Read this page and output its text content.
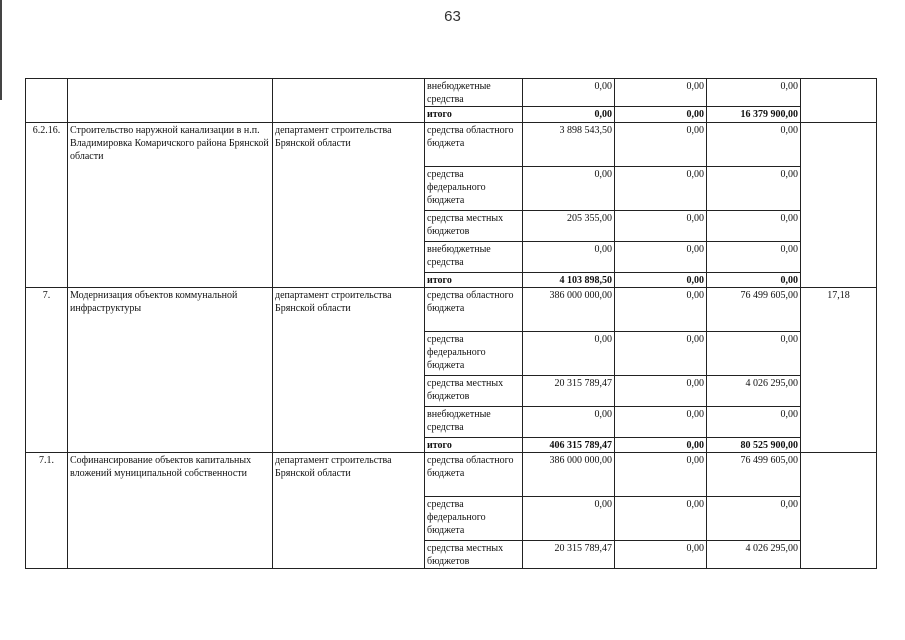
63
			внебюджетные средства	0,00	0,00	0,00	
			итого	0,00	0,00	16 379 900,00	
6.2.16.	Строительство наружной канализации в н.п. Владимировка Комаричского района Брянской области	департамент строительства Брянской области	средства областного бюджета	3 898 543,50	0,00	0,00	
			средства федерального бюджета	0,00	0,00	0,00	
			средства местных бюджетов	205 355,00	0,00	0,00	
			внебюджетные средства	0,00	0,00	0,00	
			итого	4 103 898,50	0,00	0,00	
7.	Модернизация объектов коммунальной инфраструктуры	департамент строительства Брянской области	средства областного бюджета	386 000 000,00	0,00	76 499 605,00	17,18
			средства федерального бюджета	0,00	0,00	0,00	
			средства местных бюджетов	20 315 789,47	0,00	4 026 295,00	
			внебюджетные средства	0,00	0,00	0,00	
			итого	406 315 789,47	0,00	80 525 900,00	
7.1.	Софинансирование объектов капитальных вложений муниципальной собственности	департамент строительства Брянской области	средства областного бюджета	386 000 000,00	0,00	76 499 605,00	
			средства федерального бюджета	0,00	0,00	0,00	
			средства местных бюджетов	20 315 789,47	0,00	4 026 295,00	
